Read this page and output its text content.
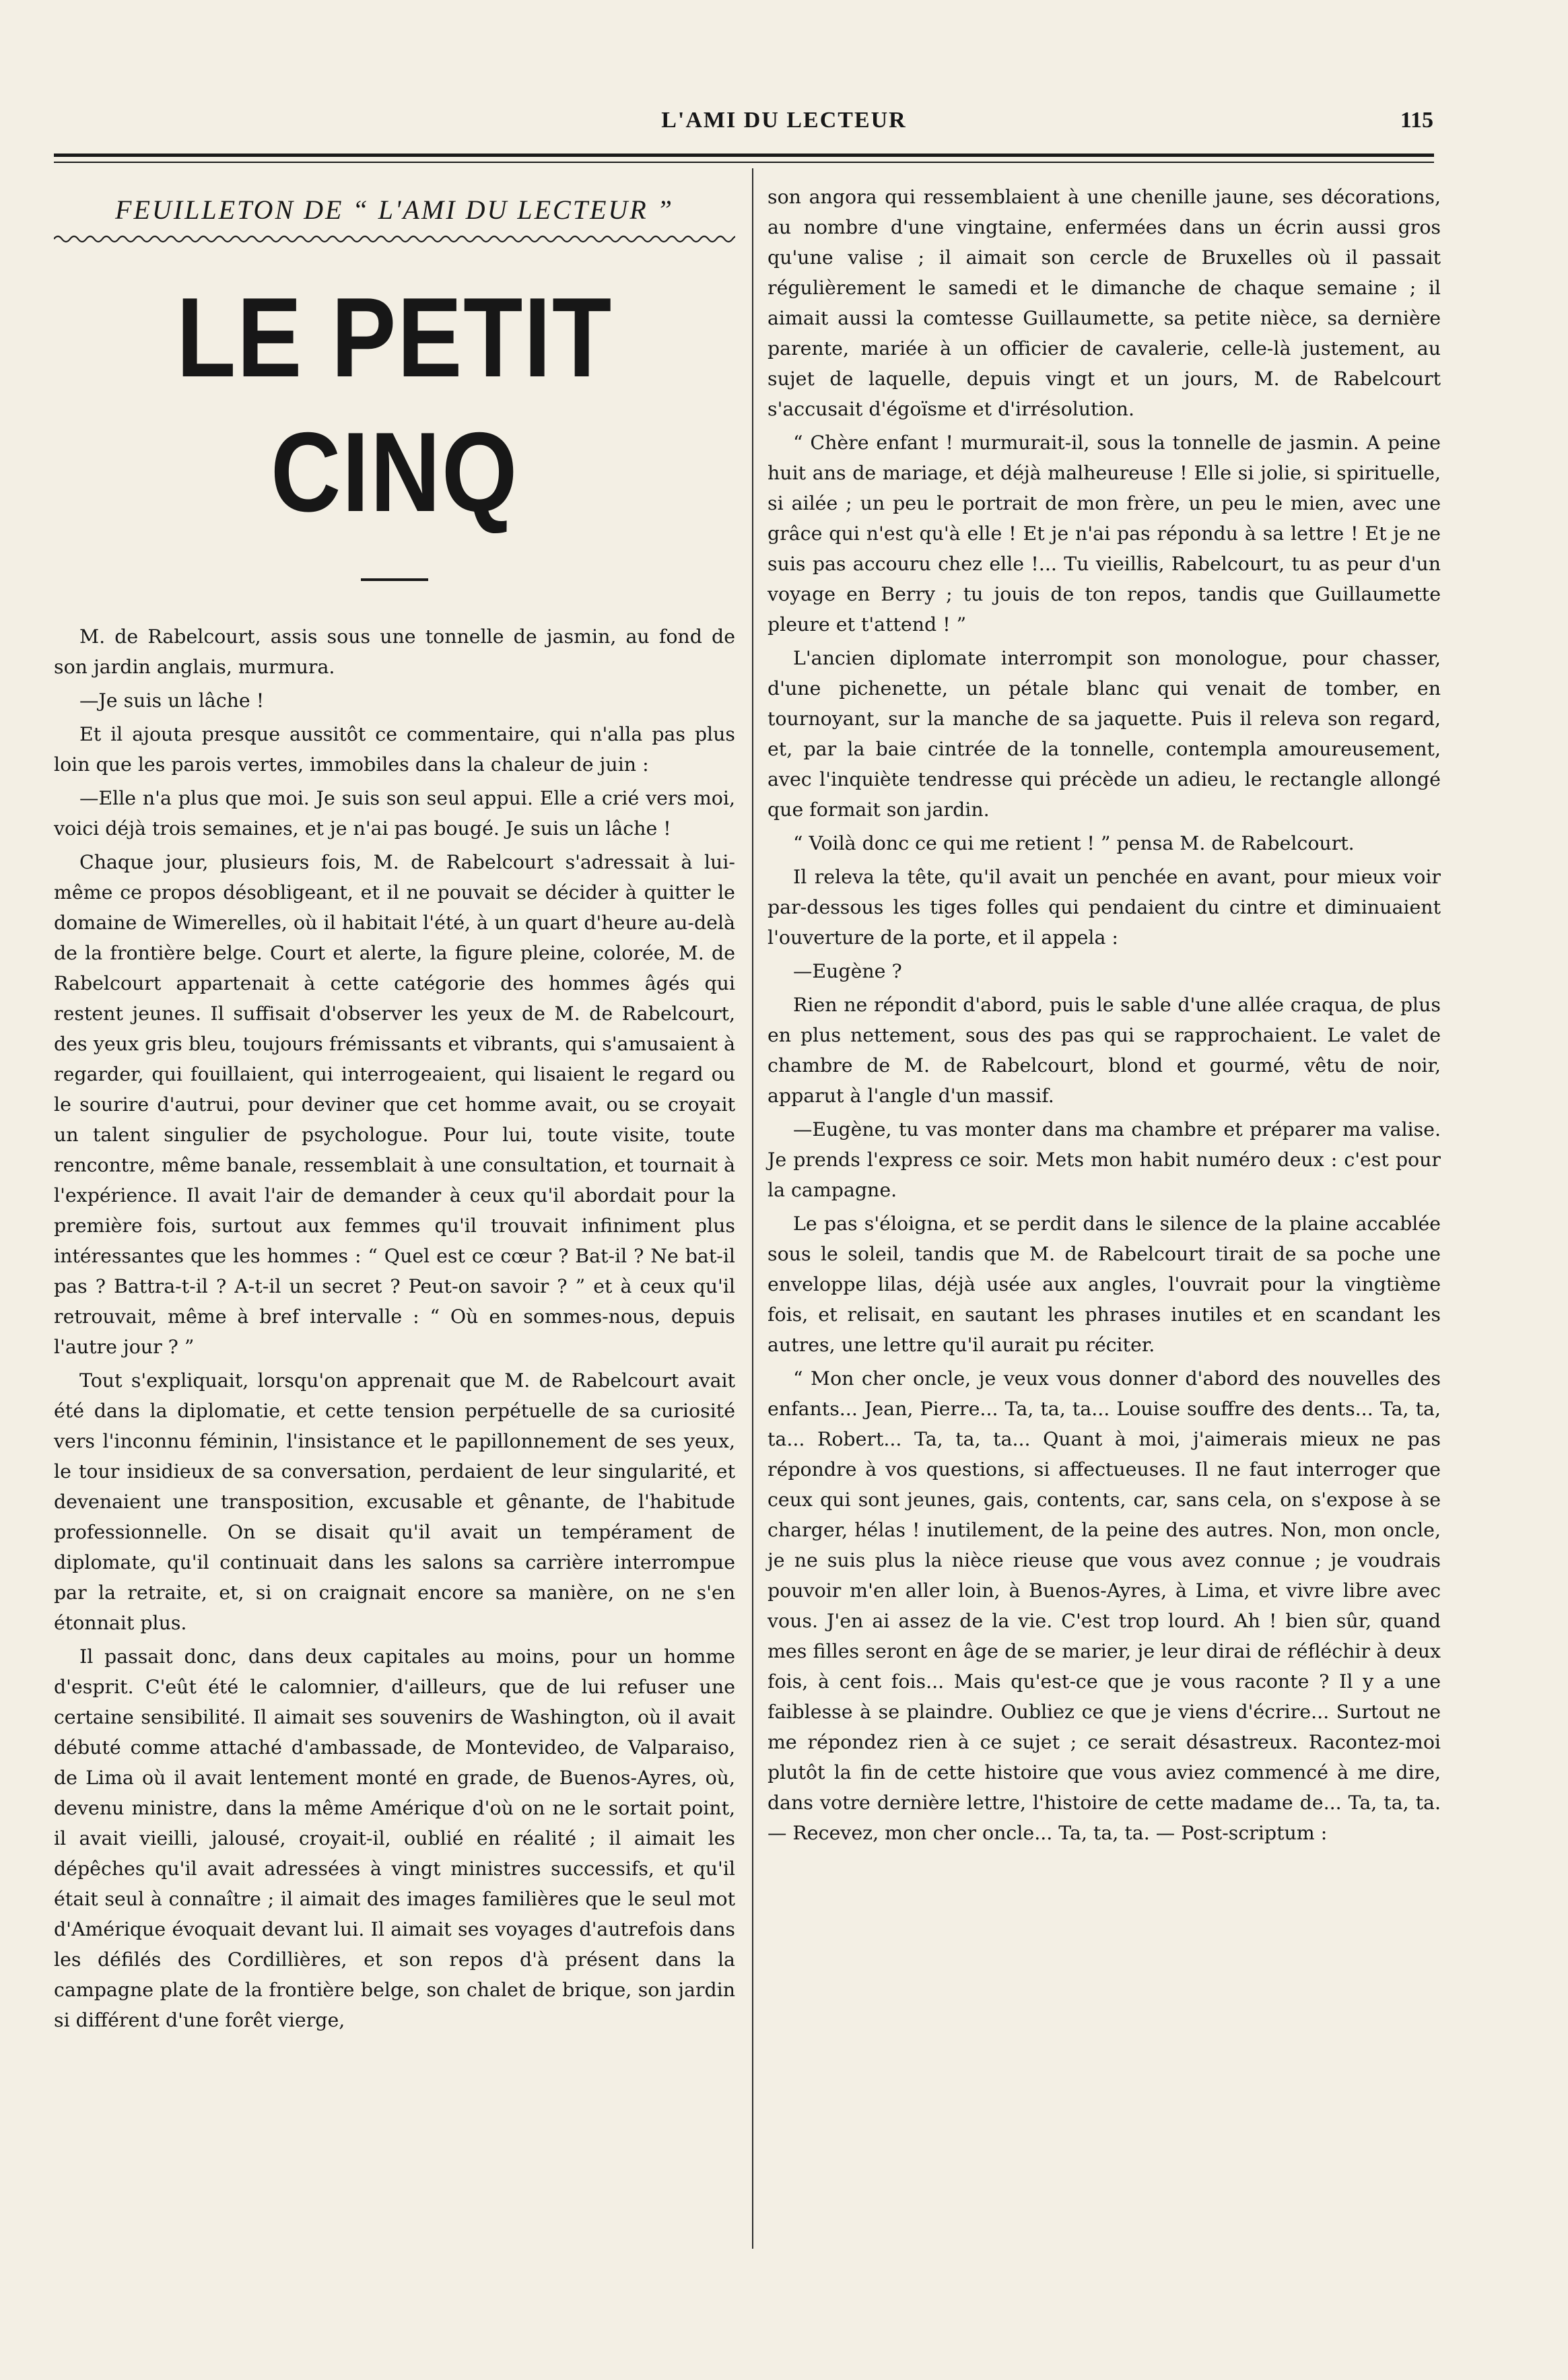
L'AMI DU LECTEUR	115
FEUILLETON DE “ L'AMI DU LECTEUR ”
LE PETIT CINQ

M. de Rabelcourt, assis sous une tonnelle de jasmin, au fond de son jardin anglais, murmura.

—Je suis un lâche !

Et il ajouta presque aussitôt ce commentaire, qui n'alla pas plus loin que les parois vertes, immobiles dans la chaleur de juin :

—Elle n'a plus que moi. Je suis son seul appui. Elle a crié vers moi, voici déjà trois semaines, et je n'ai pas bougé. Je suis un lâche !

Chaque jour, plusieurs fois, M. de Rabelcourt s'adressait à lui-même ce propos désobligeant, et il ne pouvait se décider à quitter le domaine de Wimerelles, où il habitait l'été, à un quart d'heure au-delà de la frontière belge. Court et alerte, la figure pleine, colorée, M. de Rabelcourt appartenait à cette catégorie des hommes âgés qui restent jeunes. Il suffisait d'observer les yeux de M. de Rabelcourt, des yeux gris bleu, toujours frémissants et vibrants, qui s'amusaient à regarder, qui fouillaient, qui interrogeaient, qui lisaient le regard ou le sourire d'autrui, pour deviner que cet homme avait, ou se croyait un talent singulier de psychologue. Pour lui, toute visite, toute rencontre, même banale, ressemblait à une consultation, et tournait à l'expérience. Il avait l'air de demander à ceux qu'il abordait pour la première fois, surtout aux femmes qu'il trouvait infiniment plus intéressantes que les hommes : “ Quel est ce cœur ? Bat-il ? Ne bat-il pas ? Battra-t-il ? A-t-il un secret ? Peut-on savoir ? ” et à ceux qu'il retrouvait, même à bref intervalle : “ Où en sommes-nous, depuis l'autre jour ? ”

Tout s'expliquait, lorsqu'on apprenait que M. de Rabelcourt avait été dans la diplomatie, et cette tension perpétuelle de sa curiosité vers l'inconnu féminin, l'insistance et le papillonnement de ses yeux, le tour insidieux de sa conversation, perdaient de leur singularité, et devenaient une transposition, excusable et gênante, de l'habitude professionnelle. On se disait qu'il avait un tempérament de diplomate, qu'il continuait dans les salons sa carrière interrompue par la retraite, et, si on craignait encore sa manière, on ne s'en étonnait plus.

Il passait donc, dans deux capitales au moins, pour un homme d'esprit. C'eût été le calomnier, d'ailleurs, que de lui refuser une certaine sensibilité. Il aimait ses souvenirs de Washington, où il avait débuté comme attaché d'ambassade, de Montevideo, de Valparaiso, de Lima où il avait lentement monté en grade, de Buenos-Ayres, où, devenu ministre, dans la même Amérique d'où on ne le sortait point, il avait vieilli, jalousé, croyait-il, oublié en réalité ; il aimait les dépêches qu'il avait adressées à vingt ministres successifs, et qu'il était seul à connaître ; il aimait des images familières que le seul mot d'Amérique évoquait devant lui. Il aimait ses voyages d'autrefois dans les défilés des Cordillières, et son repos d'à présent dans la campagne plate de la frontière belge, son chalet de brique, son jardin si différent d'une forêt vierge,

son angora qui ressemblaient à une chenille jaune, ses décorations, au nombre d'une vingtaine, enfermées dans un écrin aussi gros qu'une valise ; il aimait son cercle de Bruxelles où il passait régulièrement le samedi et le dimanche de chaque semaine ; il aimait aussi la comtesse Guillaumette, sa petite nièce, sa dernière parente, mariée à un officier de cavalerie, celle-là justement, au sujet de laquelle, depuis vingt et un jours, M. de Rabelcourt s'accusait d'égoïsme et d'irrésolution.

“ Chère enfant ! murmurait-il, sous la tonnelle de jasmin. A peine huit ans de mariage, et déjà malheureuse ! Elle si jolie, si spirituelle, si ailée ; un peu le portrait de mon frère, un peu le mien, avec une grâce qui n'est qu'à elle ! Et je n'ai pas répondu à sa lettre ! Et je ne suis pas accouru chez elle !... Tu vieillis, Rabelcourt, tu as peur d'un voyage en Berry ; tu jouis de ton repos, tandis que Guillaumette pleure et t'attend ! ”

L'ancien diplomate interrompit son monologue, pour chasser, d'une pichenette, un pétale blanc qui venait de tomber, en tournoyant, sur la manche de sa jaquette. Puis il releva son regard, et, par la baie cintrée de la tonnelle, contempla amoureusement, avec l'inquiète tendresse qui précède un adieu, le rectangle allongé que formait son jardin.

“ Voilà donc ce qui me retient ! ” pensa M. de Rabelcourt.

Il releva la tête, qu'il avait un penchée en avant, pour mieux voir par-dessous les tiges folles qui pendaient du cintre et diminuaient l'ouverture de la porte, et il appela :

—Eugène ?

Rien ne répondit d'abord, puis le sable d'une allée craqua, de plus en plus nettement, sous des pas qui se rapprochaient. Le valet de chambre de M. de Rabelcourt, blond et gourmé, vêtu de noir, apparut à l'angle d'un massif.

—Eugène, tu vas monter dans ma chambre et préparer ma valise. Je prends l'express ce soir. Mets mon habit numéro deux : c'est pour la campagne.

Le pas s'éloigna, et se perdit dans le silence de la plaine accablée sous le soleil, tandis que M. de Rabelcourt tirait de sa poche une enveloppe lilas, déjà usée aux angles, l'ouvrait pour la vingtième fois, et relisait, en sautant les phrases inutiles et en scandant les autres, une lettre qu'il aurait pu réciter.

“ Mon cher oncle, je veux vous donner d'abord des nouvelles des enfants... Jean, Pierre... Ta, ta, ta... Louise souffre des dents... Ta, ta, ta... Robert... Ta, ta, ta... Quant à moi, j'aimerais mieux ne pas répondre à vos questions, si affectueuses. Il ne faut interroger que ceux qui sont jeunes, gais, contents, car, sans cela, on s'expose à se charger, hélas ! inutilement, de la peine des autres. Non, mon oncle, je ne suis plus la nièce rieuse que vous avez connue ; je voudrais pouvoir m'en aller loin, à Buenos-Ayres, à Lima, et vivre libre avec vous. J'en ai assez de la vie. C'est trop lourd. Ah ! bien sûr, quand mes filles seront en âge de se marier, je leur dirai de réfléchir à deux fois, à cent fois... Mais qu'est-ce que je vous raconte ? Il y a une faiblesse à se plaindre. Oubliez ce que je viens d'écrire... Surtout ne me répondez rien à ce sujet ; ce serait désastreux. Racontez-moi plutôt la fin de cette histoire que vous aviez commencé à me dire, dans votre dernière lettre, l'histoire de cette madame de... Ta, ta, ta.— Recevez, mon cher oncle... Ta, ta, ta. — Post-scriptum :
